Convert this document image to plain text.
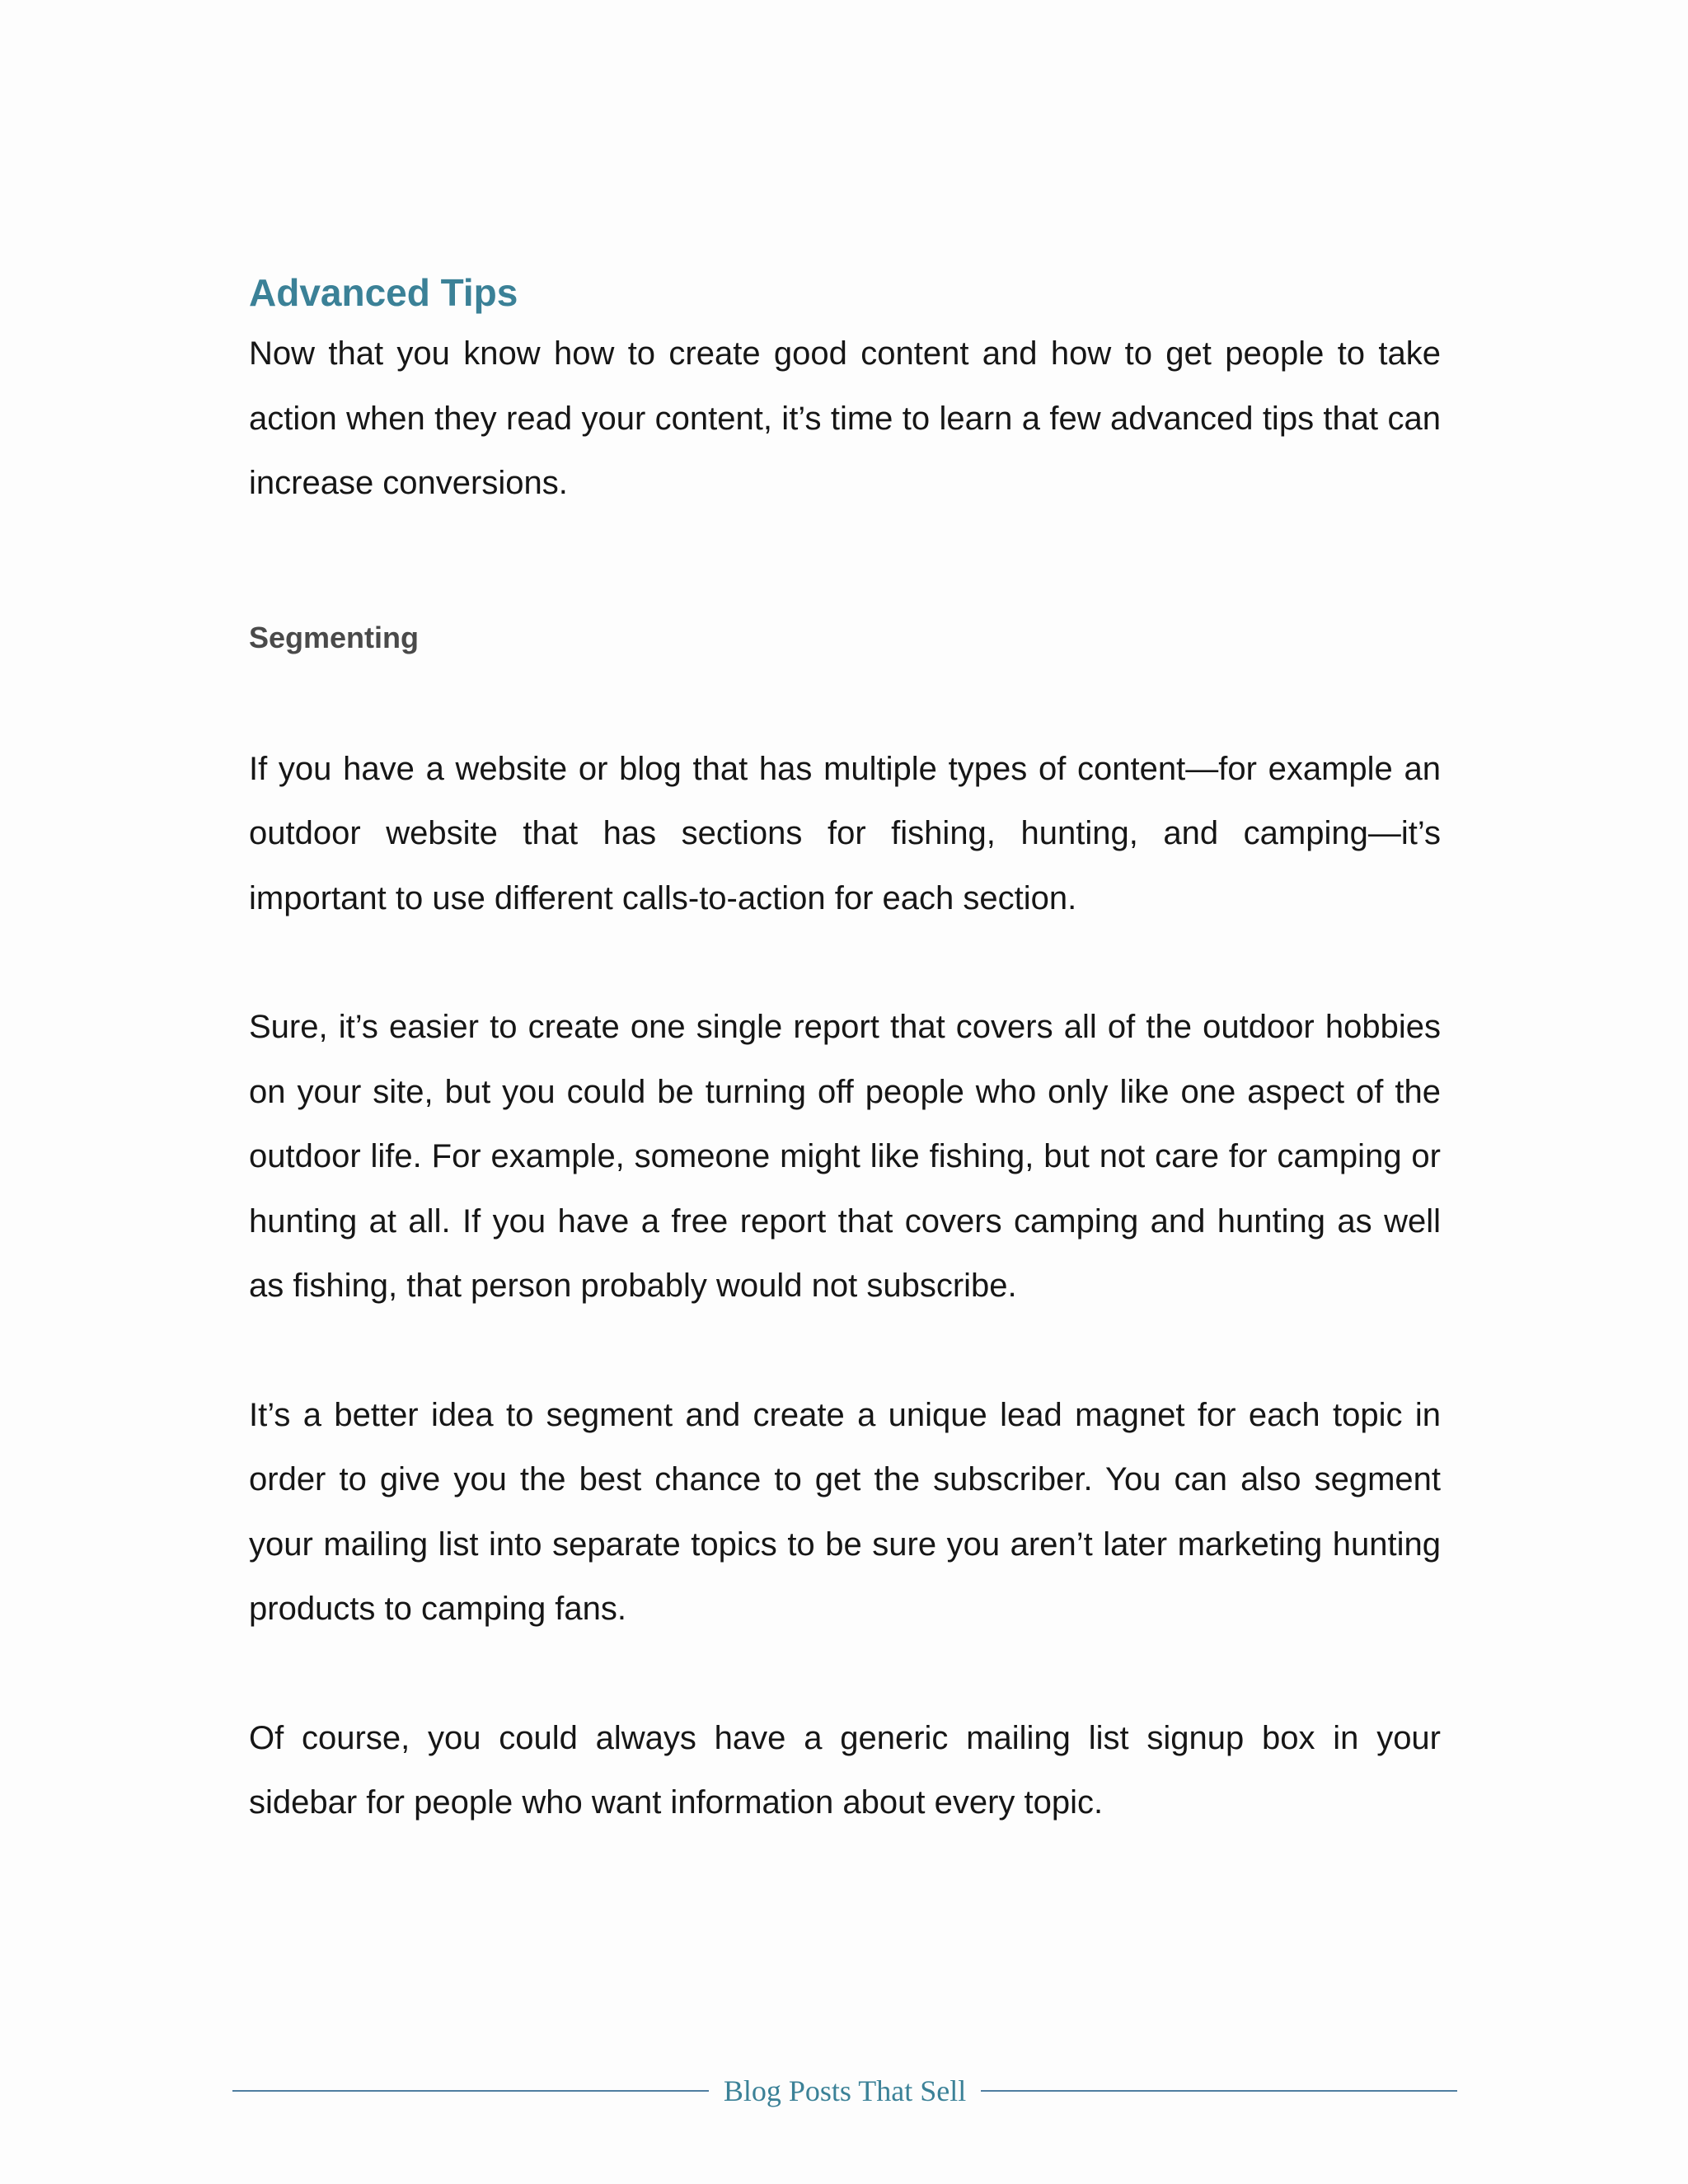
Advanced Tips

Now that you know how to create good content and how to get people to take action when they read your content, it’s time to learn a few advanced tips that can increase conversions.

Segmenting

If you have a website or blog that has multiple types of content—for example an outdoor website that has sections for fishing, hunting, and camping—it’s important to use different calls-to-action for each section.

Sure, it’s easier to create one single report that covers all of the outdoor hobbies on your site, but you could be turning off people who only like one aspect of the outdoor life. For example, someone might like fishing, but not care for camping or hunting at all. If you have a free report that covers camping and hunting as well as fishing, that person probably would not subscribe.

It’s a better idea to segment and create a unique lead magnet for each topic in order to give you the best chance to get the subscriber. You can also segment your mailing list into separate topics to be sure you aren’t later marketing hunting products to camping fans.

Of course, you could always have a generic mailing list signup box in your sidebar for people who want information about every topic.

Blog Posts That Sell
